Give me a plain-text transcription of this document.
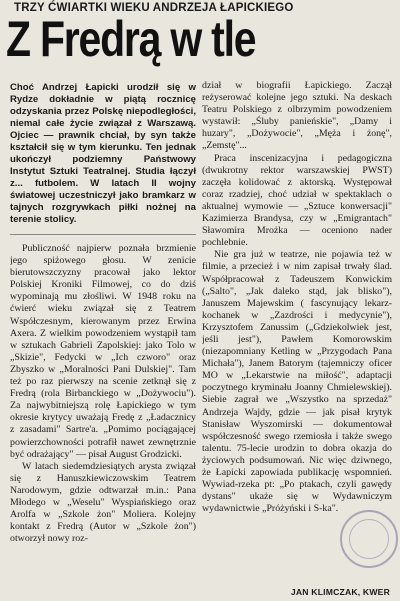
TRZY ĆWIARTKI WIEKU ANDRZEJA ŁAPICKIEGO
Z Fredrą w tle

Choć Andrzej Łapicki urodził się w Rydze dokładnie w piątą rocznicę odzyskania przez Polskę niepodległości, niemal całe życie związał z Warszawą. Ojciec — prawnik chciał, by syn także kształcił się w tym kierunku. Ten jednak ukończył podziemny Państwowy Instytut Sztuki Teatralnej. Studia łączył z... futbolem. W latach II wojny światowej uczestniczył jako bramkarz w tajnych rozgrywkach piłki nożnej na terenie stolicy.

Publiczność najpierw poznała brzmienie jego spiżowego głosu. W zenicie bierutowszczyzny pracował jako lektor Polskiej Kroniki Filmowej, co do dziś wypominają mu złośliwi. W 1948 roku na ćwierć wieku związał się z Teatrem Współczesnym, kierowanym przez Erwina Axera. Z wielkim powodzeniem wystąpił tam w sztukach Gabrieli Zapolskiej: jako Tolo w „Skizie", Fedycki w „Ich czworo" oraz Zbyszko w „Moralności Pani Dulskiej". Tam też po raz pierwszy na scenie zetknął się z Fredrą (rola Birbanckiego w „Dożywociu"). Za najwybitniejszą rolę Łapickiego w tym okresie krytycy uważają Fredę z „Ładacznicy z zasadami" Sartre'a. „Pomimo pociągającej powierzchowności potrafił nawet zewnętrznie być odrażający" — pisał August Grodzicki.

W latach siedemdziesiątych arysta związał się z Hanuszkiewiczowskim Teatrem Narodowym, gdzie odtwarzał m.in.: Pana Młodego w „Weselu" Wyspiańskiego oraz Arolfa w „Szkole żon" Moliera. Kolejny kontakt z Fredrą (Autor w „Szkole żon") otworzył nowy roz-

dział w biografii Łapickiego. Zaczął reżyserować kolejne jego sztuki. Na deskach Teatru Polskiego z olbrzymim powodzeniem wystawił: „Śluby panieńskie", „Damy i huzary", „Dożywocie", „Męża i żonę", „Zemstę"...

Praca inscenizacyjna i pedagogiczna (dwukrotny rektor warszawskiej PWST) zaczęła kolidować z aktorską. Występował coraz rzadziej, choć udział w spektaklach o aktualnej wymowie — „Sztuce konwersacji" Kazimierza Brandysa, czy w „Emigrantach" Sławomira Mrożka — oceniono nader pochlebnie.

Nie gra już w teatrze, nie pojawia też w filmie, a przecież i w nim zapisał trwały ślad. Współpracował z Tadeuszem Konwickim („Salto", „Jak daleko stąd, jak blisko"), Januszem Majewskim ( fascynujący lekarz-kochanek w „Zazdrości i medycynie"), Krzysztofem Zanussim („Gdziekolwiek jest, jeśli jest"), Pawłem Komorowskim (niezapomniany Ketling w „Przygodach Pana Michała"), Janem Batorym (tajemniczy oficer MO w „Lekarstwie na miłość", adaptacji poczytnego kryminału Joanny Chmielewskiej). Siebie zagrał we „Wszystko na sprzedaż" Andrzeja Wajdy, gdzie — jak pisał krytyk Stanisław Wyszomirski — dokumentował współczesność swego rzemiosła i także swego talentu. 75-lecie urodzin to dobra okazja do życiowych podsumowań. Nic więc dziwnego, że Łapicki zapowiada publikację wspomnień. Wywiad-rzeka pt: „Po ptakach, czyli gawędy dystans" ukaże się w Wydawniczym wydawnictwie „Próżyński i S-ka".

JAN KLIMCZAK, KWER
